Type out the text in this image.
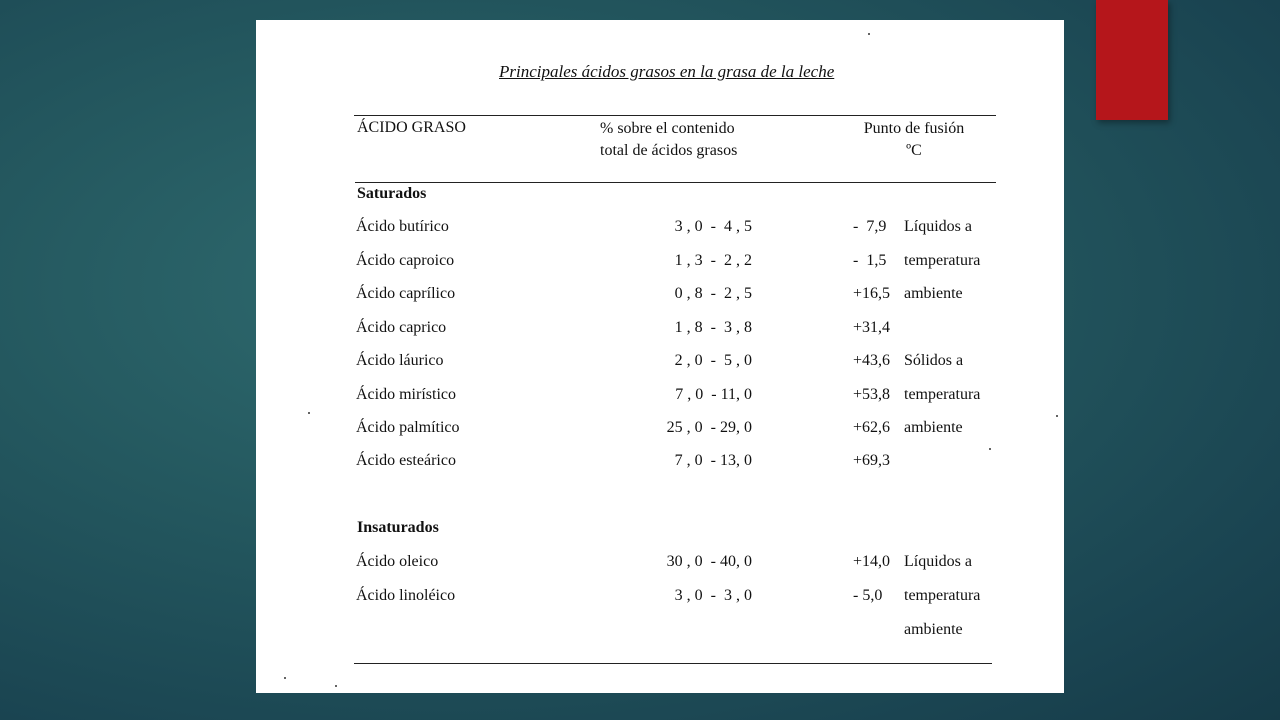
Principales ácidos grasos en la grasa de la leche
ÁCIDO GRASO	% sobre el contenido
total de ácidos grasos
Punto de fusión
ºC
Saturados
Ácido butírico	3 , 0  -  4 , 5	-  7,9 Líquidos a
Ácido caproico	1 , 3  -  2 , 2	-  1,5 temperatura
Ácido caprílico	0 , 8  -  2 , 5	+16,5 ambiente
Ácido caprico	1 , 8  -  3 , 8	+31,4
Ácido láurico	2 , 0  -  5 , 0	+43,6 Sólidos a
Ácido mirístico	7 , 0  - 11, 0	+53,8 temperatura
Ácido palmítico	25 , 0  - 29, 0	+62,6 ambiente
Ácido esteárico	7 , 0  - 13, 0	+69,3
Insaturados
Ácido oleico	30 , 0  - 40, 0	+14,0 Líquidos a
Ácido linoléico	3 , 0  -  3 , 0	- 5,0 temperatura
ambiente
